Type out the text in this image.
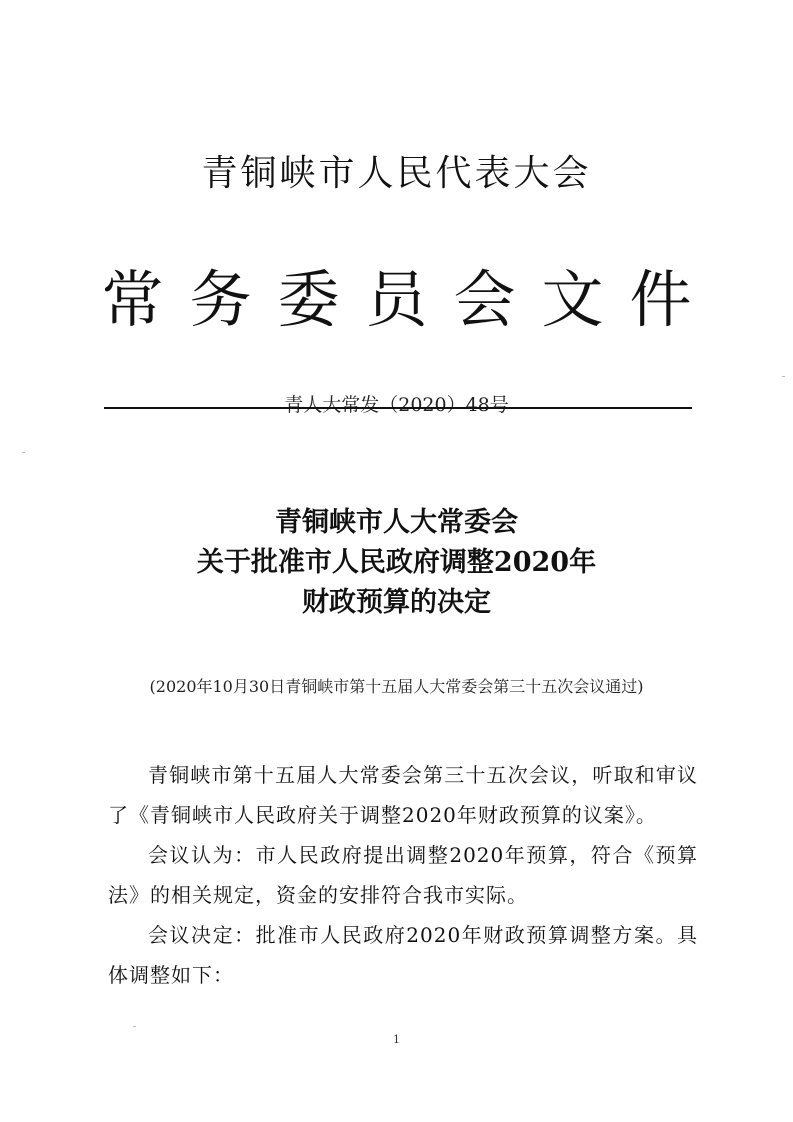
青铜峡市人民代表大会
常务委员会文件
青人大常发（2020）48号
青铜峡市人大常委会
关于批准市人民政府调整2020年
财政预算的决定
(2020年10月30日青铜峡市第十五届人大常委会第三十五次会议通过)

青铜峡市第十五届人大常委会第三十五次会议，听取和审议了《青铜峡市人民政府关于调整2020年财政预算的议案》。

会议认为：市人民政府提出调整2020年预算，符合《预算法》的相关规定，资金的安排符合我市实际。

会议决定：批准市人民政府2020年财政预算调整方案。具体调整如下：

1
